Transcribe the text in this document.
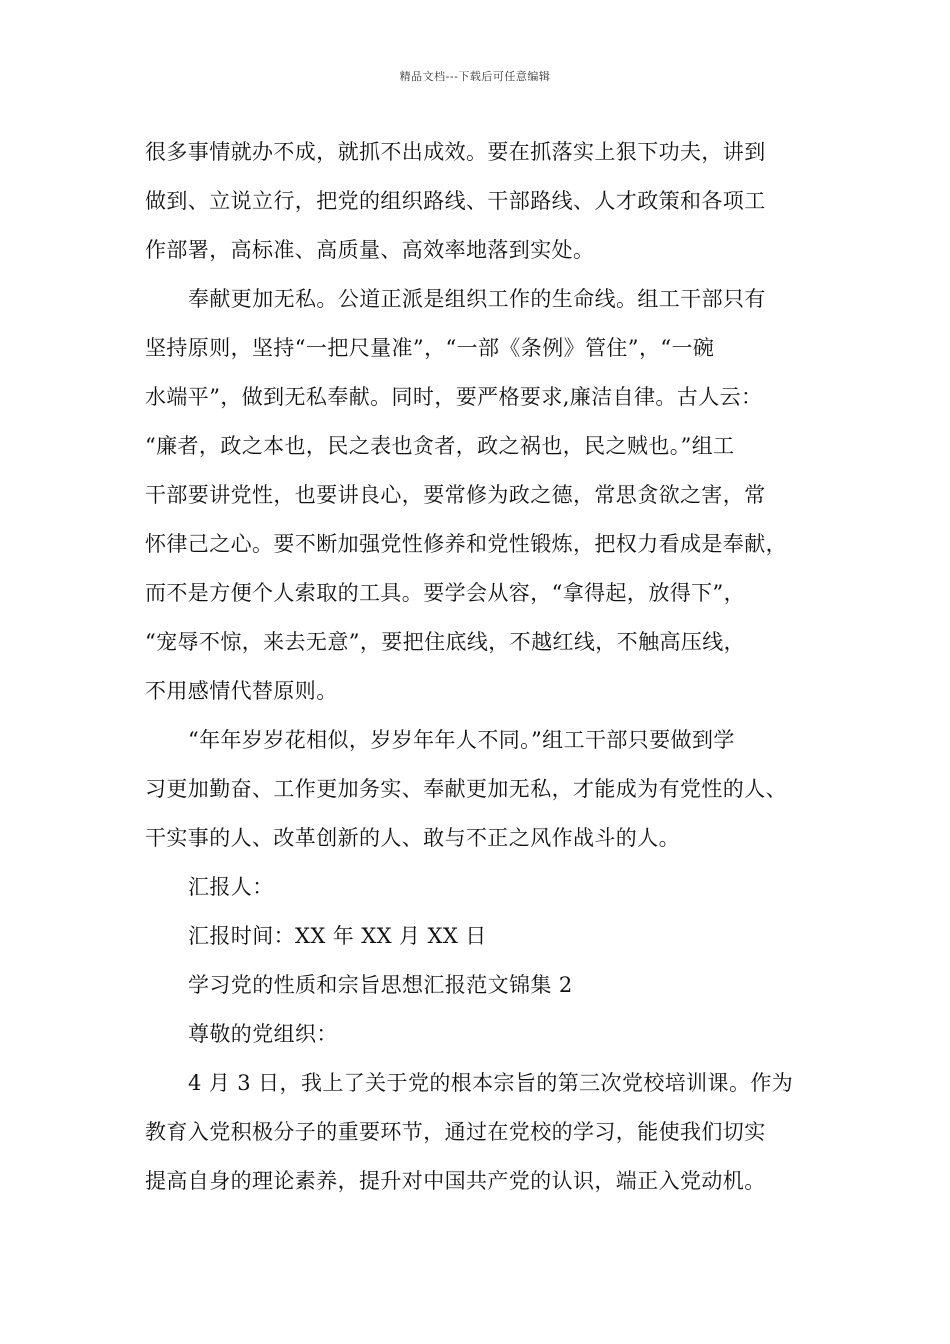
精品文档---下载后可任意编辑
很多事情就办不成，就抓不出成效。要在抓落实上狠下功夫，讲到
做到、立说立行，把党的组织路线、干部路线、人才政策和各项工
作部署，高标准、高质量、高效率地落到实处。
奉献更加无私。公道正派是组织工作的生命线。组工干部只有
坚持原则，坚持“一把尺量准”，“一部《条例》管住”，“一碗
水端平”，做到无私奉献。同时，要严格要求,廉洁自律。古人云：
“廉者，政之本也，民之表也贪者，政之祸也，民之贼也。”组工
干部要讲党性，也要讲良心，要常修为政之德，常思贪欲之害，常
怀律己之心。要不断加强党性修养和党性锻炼，把权力看成是奉献，
而不是方便个人索取的工具。要学会从容，“拿得起，放得下”，
“宠辱不惊，来去无意”，要把住底线，不越红线，不触高压线，
不用感情代替原则。
“年年岁岁花相似，岁岁年年人不同。”组工干部只要做到学
习更加勤奋、工作更加务实、奉献更加无私，才能成为有党性的人、
干实事的人、改革创新的人、敢与不正之风作战斗的人。
汇报人：
汇报时间：XX 年 XX 月 XX 日
学习党的性质和宗旨思想汇报范文锦集 2
尊敬的党组织：
4 月 3 日，我上了关于党的根本宗旨的第三次党校培训课。作为
教育入党积极分子的重要环节，通过在党校的学习，能使我们切实
提高自身的理论素养，提升对中国共产党的认识，端正入党动机。
